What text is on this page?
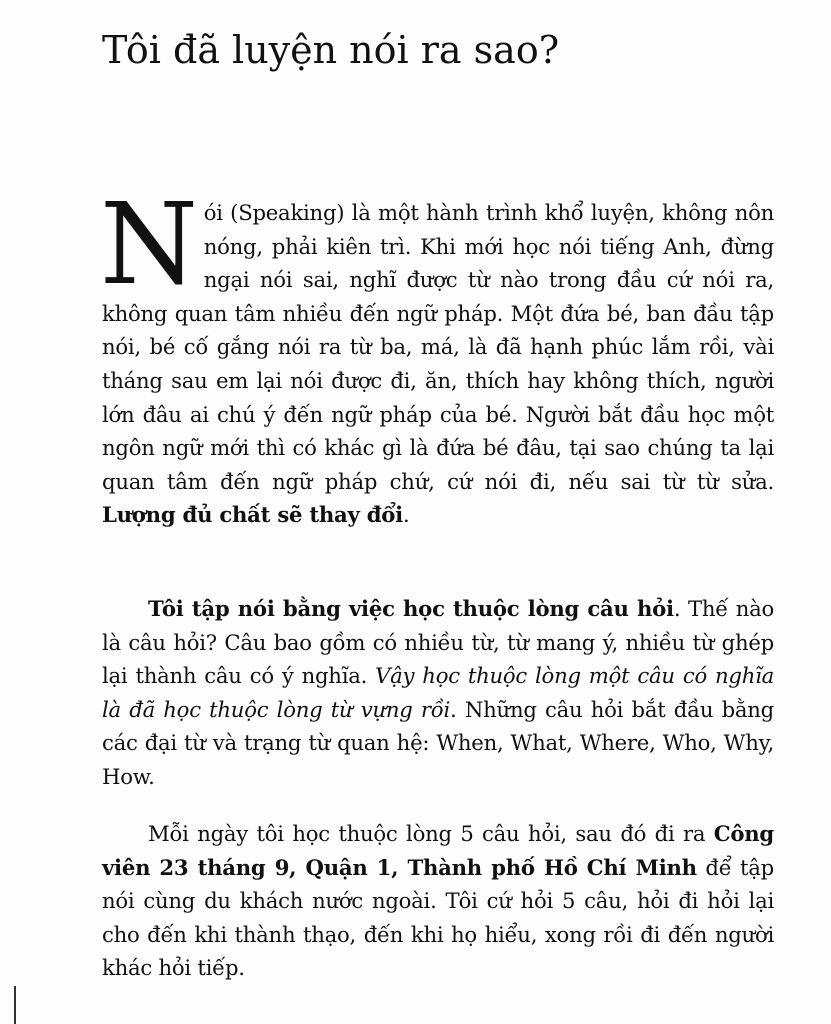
Tôi đã luyện nói ra sao?

Nói (Speaking) là một hành trình khổ luyện, không nôn nóng, phải kiên trì. Khi mới học nói tiếng Anh, đừng ngại nói sai, nghĩ được từ nào trong đầu cứ nói ra, không quan tâm nhiều đến ngữ pháp. Một đứa bé, ban đầu tập nói, bé cố gắng nói ra từ ba, má, là đã hạnh phúc lắm rồi, vài tháng sau em lại nói được đi, ăn, thích hay không thích, người lớn đâu ai chú ý đến ngữ pháp của bé. Người bắt đầu học một ngôn ngữ mới thì có khác gì là đứa bé đâu, tại sao chúng ta lại quan tâm đến ngữ pháp chứ, cứ nói đi, nếu sai từ từ sửa. Lượng đủ chất sẽ thay đổi.

Tôi tập nói bằng việc học thuộc lòng câu hỏi. Thế nào là câu hỏi? Câu bao gồm có nhiều từ, từ mang ý, nhiều từ ghép lại thành câu có ý nghĩa. Vậy học thuộc lòng một câu có nghĩa là đã học thuộc lòng từ vựng rồi. Những câu hỏi bắt đầu bằng các đại từ và trạng từ quan hệ: When, What, Where, Who, Why, How.

Mỗi ngày tôi học thuộc lòng 5 câu hỏi, sau đó đi ra Công viên 23 tháng 9, Quận 1, Thành phố Hồ Chí Minh để tập nói cùng du khách nước ngoài. Tôi cứ hỏi 5 câu, hỏi đi hỏi lại cho đến khi thành thạo, đến khi họ hiểu, xong rồi đi đến người khác hỏi tiếp.
